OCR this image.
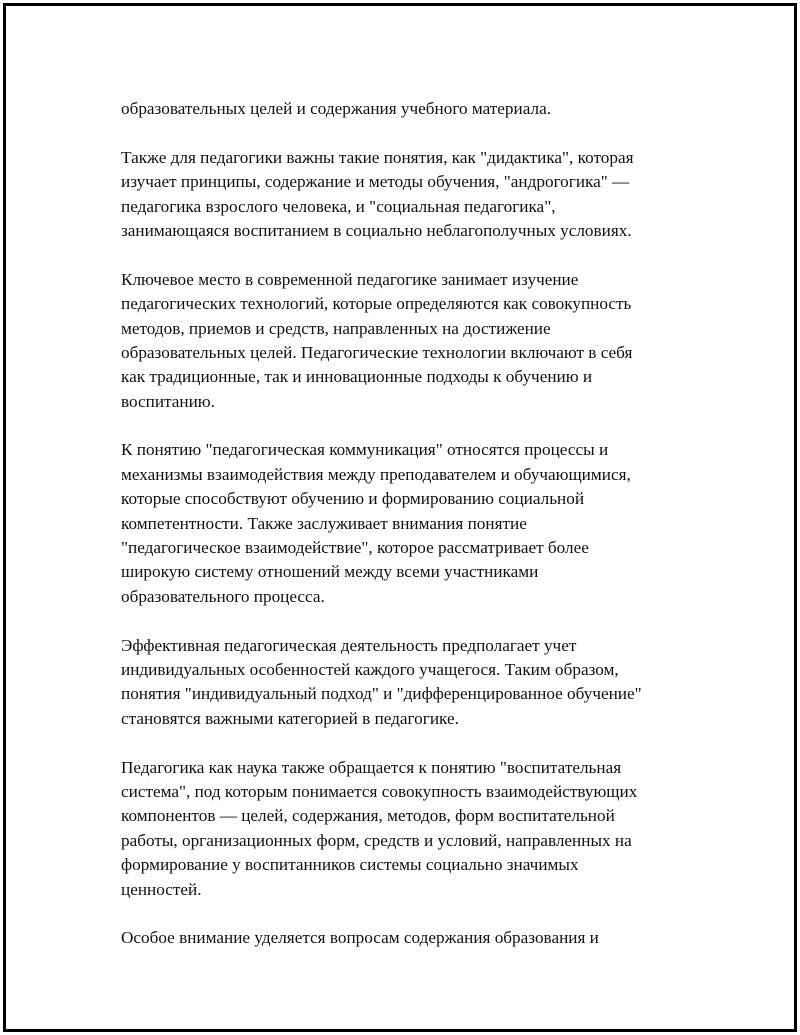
образовательных целей и содержания учебного материала.
Также для педагогики важны такие понятия, как "дидактика", которая
изучает принципы, содержание и методы обучения, "андрогогика" —
педагогика взрослого человека, и "социальная педагогика",
занимающаяся воспитанием в социально неблагополучных условиях.
Ключевое место в современной педагогике занимает изучение
педагогических технологий, которые определяются как совокупность
методов, приемов и средств, направленных на достижение
образовательных целей. Педагогические технологии включают в себя
как традиционные, так и инновационные подходы к обучению и
воспитанию.
К понятию "педагогическая коммуникация" относятся процессы и
механизмы взаимодействия между преподавателем и обучающимися,
которые способствуют обучению и формированию социальной
компетентности. Также заслуживает внимания понятие
"педагогическое взаимодействие", которое рассматривает более
широкую систему отношений между всеми участниками
образовательного процесса.
Эффективная педагогическая деятельность предполагает учет
индивидуальных особенностей каждого учащегося. Таким образом,
понятия "индивидуальный подход" и "дифференцированное обучение"
становятся важными категорией в педагогике.
Педагогика как наука также обращается к понятию "воспитательная
система", под которым понимается совокупность взаимодействующих
компонентов — целей, содержания, методов, форм воспитательной
работы, организационных форм, средств и условий, направленных на
формирование у воспитанников системы социально значимых
ценностей.
Особое внимание уделяется вопросам содержания образования и
